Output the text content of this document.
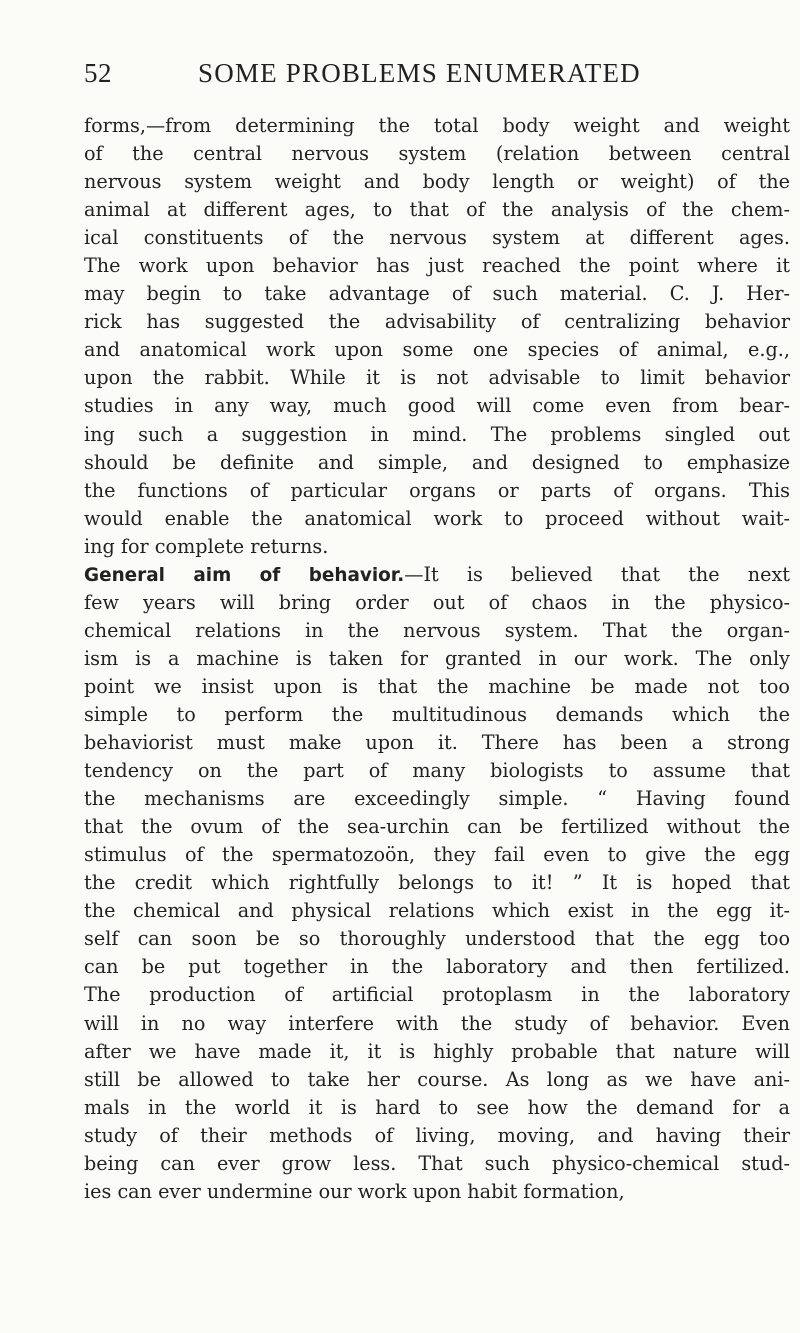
52	SOME PROBLEMS ENUMERATED
forms,—from determining the total body weight and weight
of the central nervous system (relation between central
nervous system weight and body length or weight) of the
animal at different ages, to that of the analysis of the chem-
ical constituents of the nervous system at different ages.
The work upon behavior has just reached the point where it
may begin to take advantage of such material. C. J. Her-
rick has suggested the advisability of centralizing behavior
and anatomical work upon some one species of animal, e.g.,
upon the rabbit. While it is not advisable to limit behavior
studies in any way, much good will come even from bear-
ing such a suggestion in mind. The problems singled out
should be definite and simple, and designed to emphasize
the functions of particular organs or parts of organs. This
would enable the anatomical work to proceed without wait-
ing for complete returns.
General aim of behavior.—It is believed that the next
few years will bring order out of chaos in the physico-
chemical relations in the nervous system. That the organ-
ism is a machine is taken for granted in our work. The only
point we insist upon is that the machine be made not too
simple to perform the multitudinous demands which the
behaviorist must make upon it. There has been a strong
tendency on the part of many biologists to assume that
the mechanisms are exceedingly simple. “ Having found
that the ovum of the sea-urchin can be fertilized without the
stimulus of the spermatozoön, they fail even to give the egg
the credit which rightfully belongs to it! ” It is hoped that
the chemical and physical relations which exist in the egg it-
self can soon be so thoroughly understood that the egg too
can be put together in the laboratory and then fertilized.
The production of artificial protoplasm in the laboratory
will in no way interfere with the study of behavior. Even
after we have made it, it is highly probable that nature will
still be allowed to take her course. As long as we have ani-
mals in the world it is hard to see how the demand for a
study of their methods of living, moving, and having their
being can ever grow less. That such physico-chemical stud-
ies can ever undermine our work upon habit formation,
